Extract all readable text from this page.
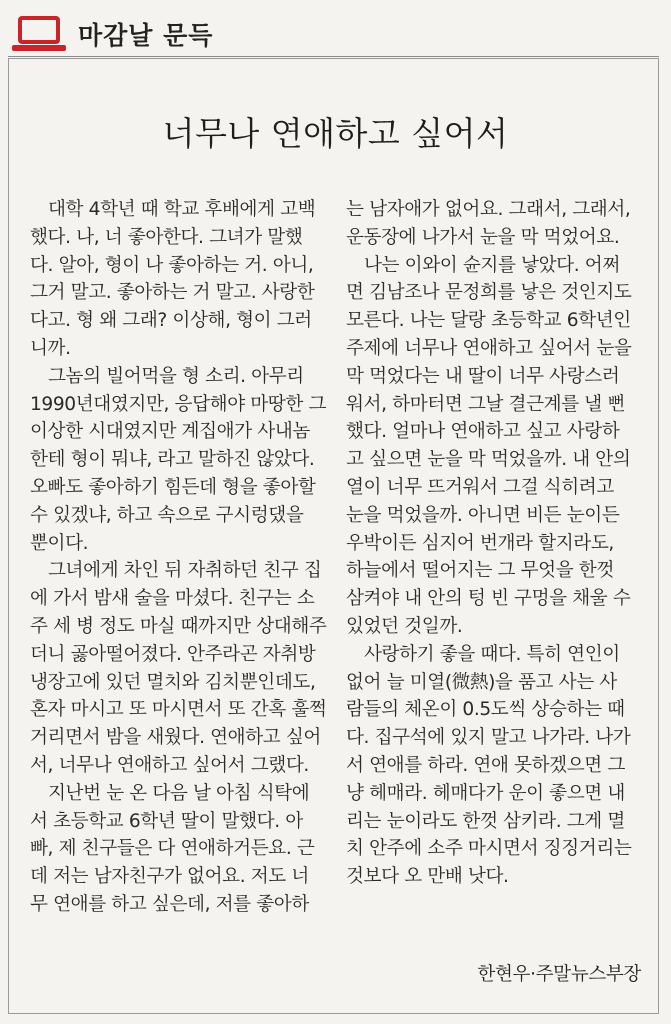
마감날 문득
너무나 연애하고 싶어서
대학 4학년 때 학교 후배에게 고백
했다. 나, 너 좋아한다. 그녀가 말했
다. 알아, 형이 나 좋아하는 거. 아니,
그거 말고. 좋아하는 거 말고. 사랑한
다고. 형 왜 그래? 이상해, 형이 그러
니까.
그놈의 빌어먹을 형 소리. 아무리
1990년대였지만, 응답해야 마땅한 그
이상한 시대였지만 계집애가 사내놈
한테 형이 뭐냐, 라고 말하진 않았다.
오빠도 좋아하기 힘든데 형을 좋아할
수 있겠냐, 하고 속으로 구시렁댔을
뿐이다.
그녀에게 차인 뒤 자취하던 친구 집
에 가서 밤새 술을 마셨다. 친구는 소
주 세 병 정도 마실 때까지만 상대해주
더니 곯아떨어졌다. 안주라곤 자취방
냉장고에 있던 멸치와 김치뿐인데도,
혼자 마시고 또 마시면서 또 간혹 훌쩍
거리면서 밤을 새웠다. 연애하고 싶어
서, 너무나 연애하고 싶어서 그랬다.
지난번 눈 온 다음 날 아침 식탁에
서 초등학교 6학년 딸이 말했다. 아
빠, 제 친구들은 다 연애하거든요. 근
데 저는 남자친구가 없어요. 저도 너
무 연애를 하고 싶은데, 저를 좋아하
는 남자애가 없어요. 그래서, 그래서,
운동장에 나가서 눈을 막 먹었어요.
나는 이와이 슌지를 낳았다. 어쩌
면 김남조나 문정희를 낳은 것인지도
모른다. 나는 달랑 초등학교 6학년인
주제에 너무나 연애하고 싶어서 눈을
막 먹었다는 내 딸이 너무 사랑스러
워서, 하마터면 그날 결근계를 낼 뻔
했다. 얼마나 연애하고 싶고 사랑하
고 싶으면 눈을 막 먹었을까. 내 안의
열이 너무 뜨거워서 그걸 식히려고
눈을 먹었을까. 아니면 비든 눈이든
우박이든 심지어 번개라 할지라도,
하늘에서 떨어지는 그 무엇을 한껏
삼켜야 내 안의 텅 빈 구멍을 채울 수
있었던 것일까.
사랑하기 좋을 때다. 특히 연인이
없어 늘 미열(微熱)을 품고 사는 사
람들의 체온이 0.5도씩 상승하는 때
다. 집구석에 있지 말고 나가라. 나가
서 연애를 하라. 연애 못하겠으면 그
냥 헤매라. 헤매다가 운이 좋으면 내
리는 눈이라도 한껏 삼키라. 그게 멸
치 안주에 소주 마시면서 징징거리는
것보다 오 만배 낫다.
한현우·주말뉴스부장
